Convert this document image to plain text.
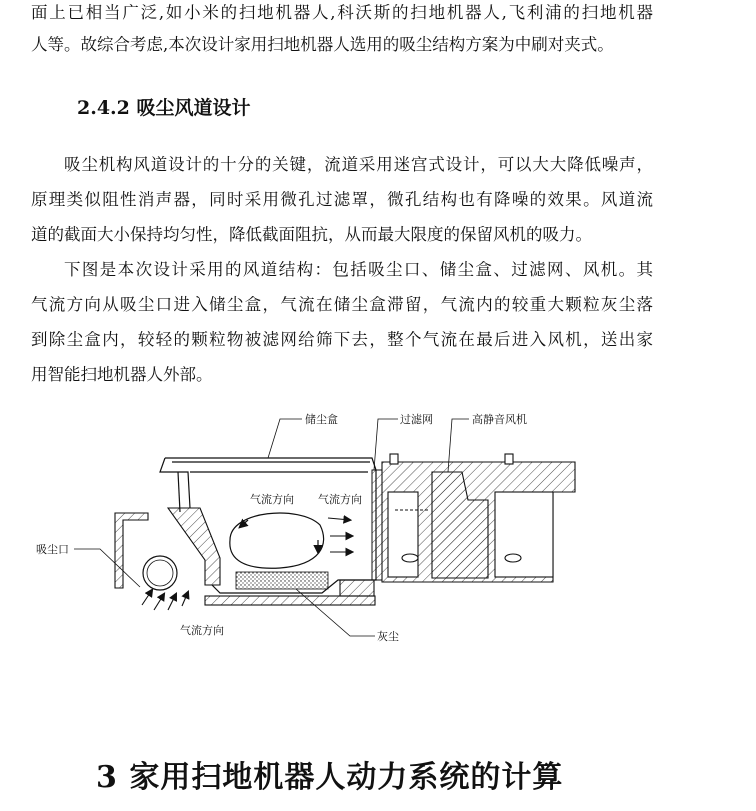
面上已相当广泛,如小米的扫地机器人,科沃斯的扫地机器人,飞利浦的扫地机器
人等。故综合考虑,本次设计家用扫地机器人选用的吸尘结构方案为中刷对夹式。
2.4.2 吸尘风道设计
吸尘机构风道设计的十分的关键，流道采用迷宫式设计，可以大大降低噪声，
原理类似阻性消声器，同时采用微孔过滤罩，微孔结构也有降噪的效果。风道流
道的截面大小保持均匀性，降低截面阻抗，从而最大限度的保留风机的吸力。
下图是本次设计采用的风道结构：包括吸尘口、储尘盒、过滤网、风机。其
气流方向从吸尘口进入储尘盒，气流在储尘盒滞留，气流内的较重大颗粒灰尘落
到除尘盒内，较轻的颗粒物被滤网给筛下去，整个气流在最后进入风机，送出家
用智能扫地机器人外部。
储尘盒	过滤网	高静音风机
吸尘口
气流方向 气流方向
气流方向	灰尘
3 家用扫地机器人动力系统的计算
